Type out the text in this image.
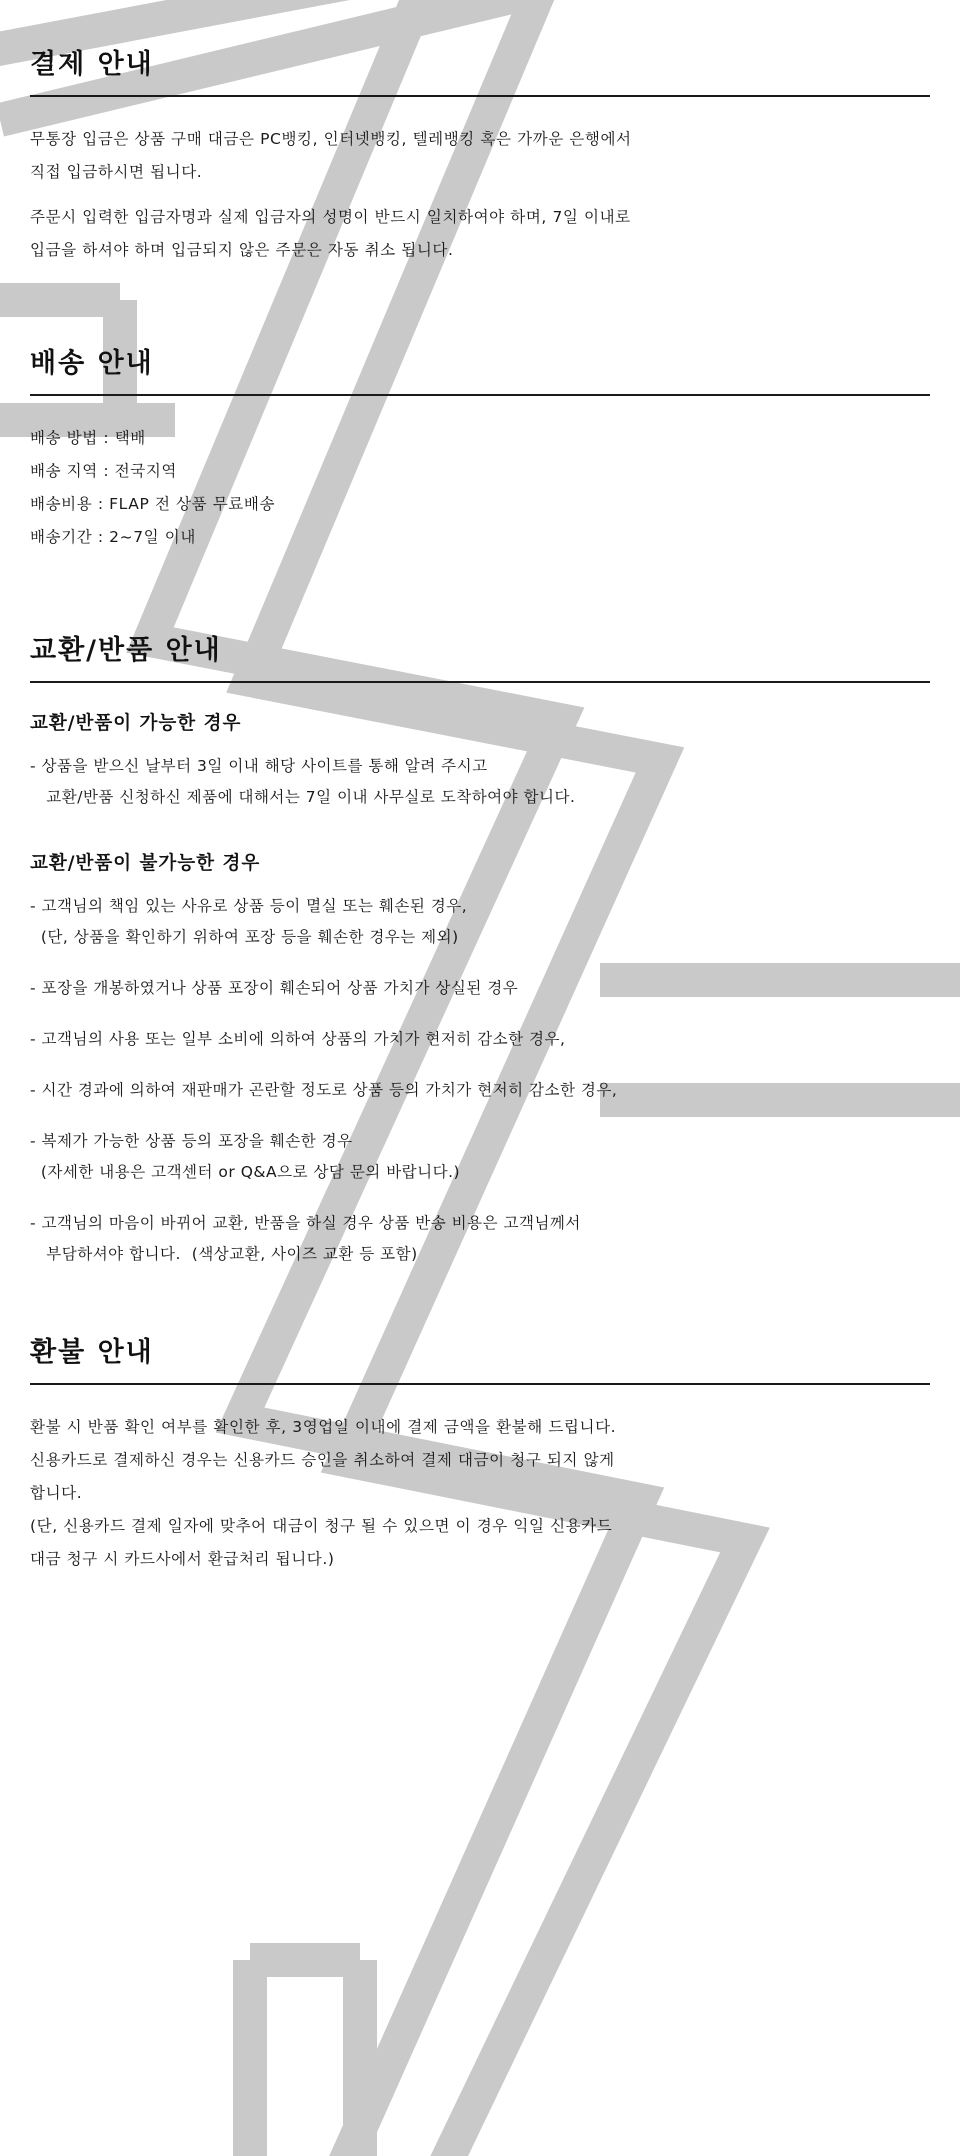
결제 안내

무통장 입금은 상품 구매 대금은 PC뱅킹, 인터넷뱅킹, 텔레뱅킹 혹은 가까운 은행에서
직접 입금하시면 됩니다.

주문시 입력한 입금자명과 실제 입금자의 성명이 반드시 일치하여야 하며, 7일 이내로
입금을 하셔야 하며 입금되지 않은 주문은 자동 취소 됩니다.

배송 안내

배송 방법 : 택배
배송 지역 : 전국지역
배송비용 : FLAP 전 상품 무료배송
배송기간 : 2~7일 이내

교환/반품 안내
교환/반품이 가능한 경우
- 상품을 받으신 날부터 3일 이내 해당 사이트를 통해 알려 주시고
교환/반품 신청하신 제품에 대해서는 7일 이내 사무실로 도착하여야 합니다.
교환/반품이 불가능한 경우
- 고객님의 책임 있는 사유로 상품 등이 멸실 또는 훼손된 경우,
(단, 상품을 확인하기 위하여 포장 등을 훼손한 경우는 제외)
- 포장을 개봉하였거나 상품 포장이 훼손되어 상품 가치가 상실된 경우
- 고객님의 사용 또는 일부 소비에 의하여 상품의 가치가 현저히 감소한 경우,
- 시간 경과에 의하여 재판매가 곤란할 정도로 상품 등의 가치가 현저히 감소한 경우,
- 복제가 가능한 상품 등의 포장을 훼손한 경우
(자세한 내용은 고객센터 or Q&A으로 상담 문의 바랍니다.)
- 고객님의 마음이 바뀌어 교환, 반품을 하실 경우 상품 반송 비용은 고객님께서
부담하셔야 합니다.  (색상교환, 사이즈 교환 등 포함)
환불 안내

환불 시 반품 확인 여부를 확인한 후, 3영업일 이내에 결제 금액을 환불해 드립니다.
신용카드로 결제하신 경우는 신용카드 승인을 취소하여 결제 대금이 청구 되지 않게
합니다.
(단, 신용카드 결제 일자에 맞추어 대금이 청구 될 수 있으면 이 경우 익일 신용카드
대금 청구 시 카드사에서 환급처리 됩니다.)
